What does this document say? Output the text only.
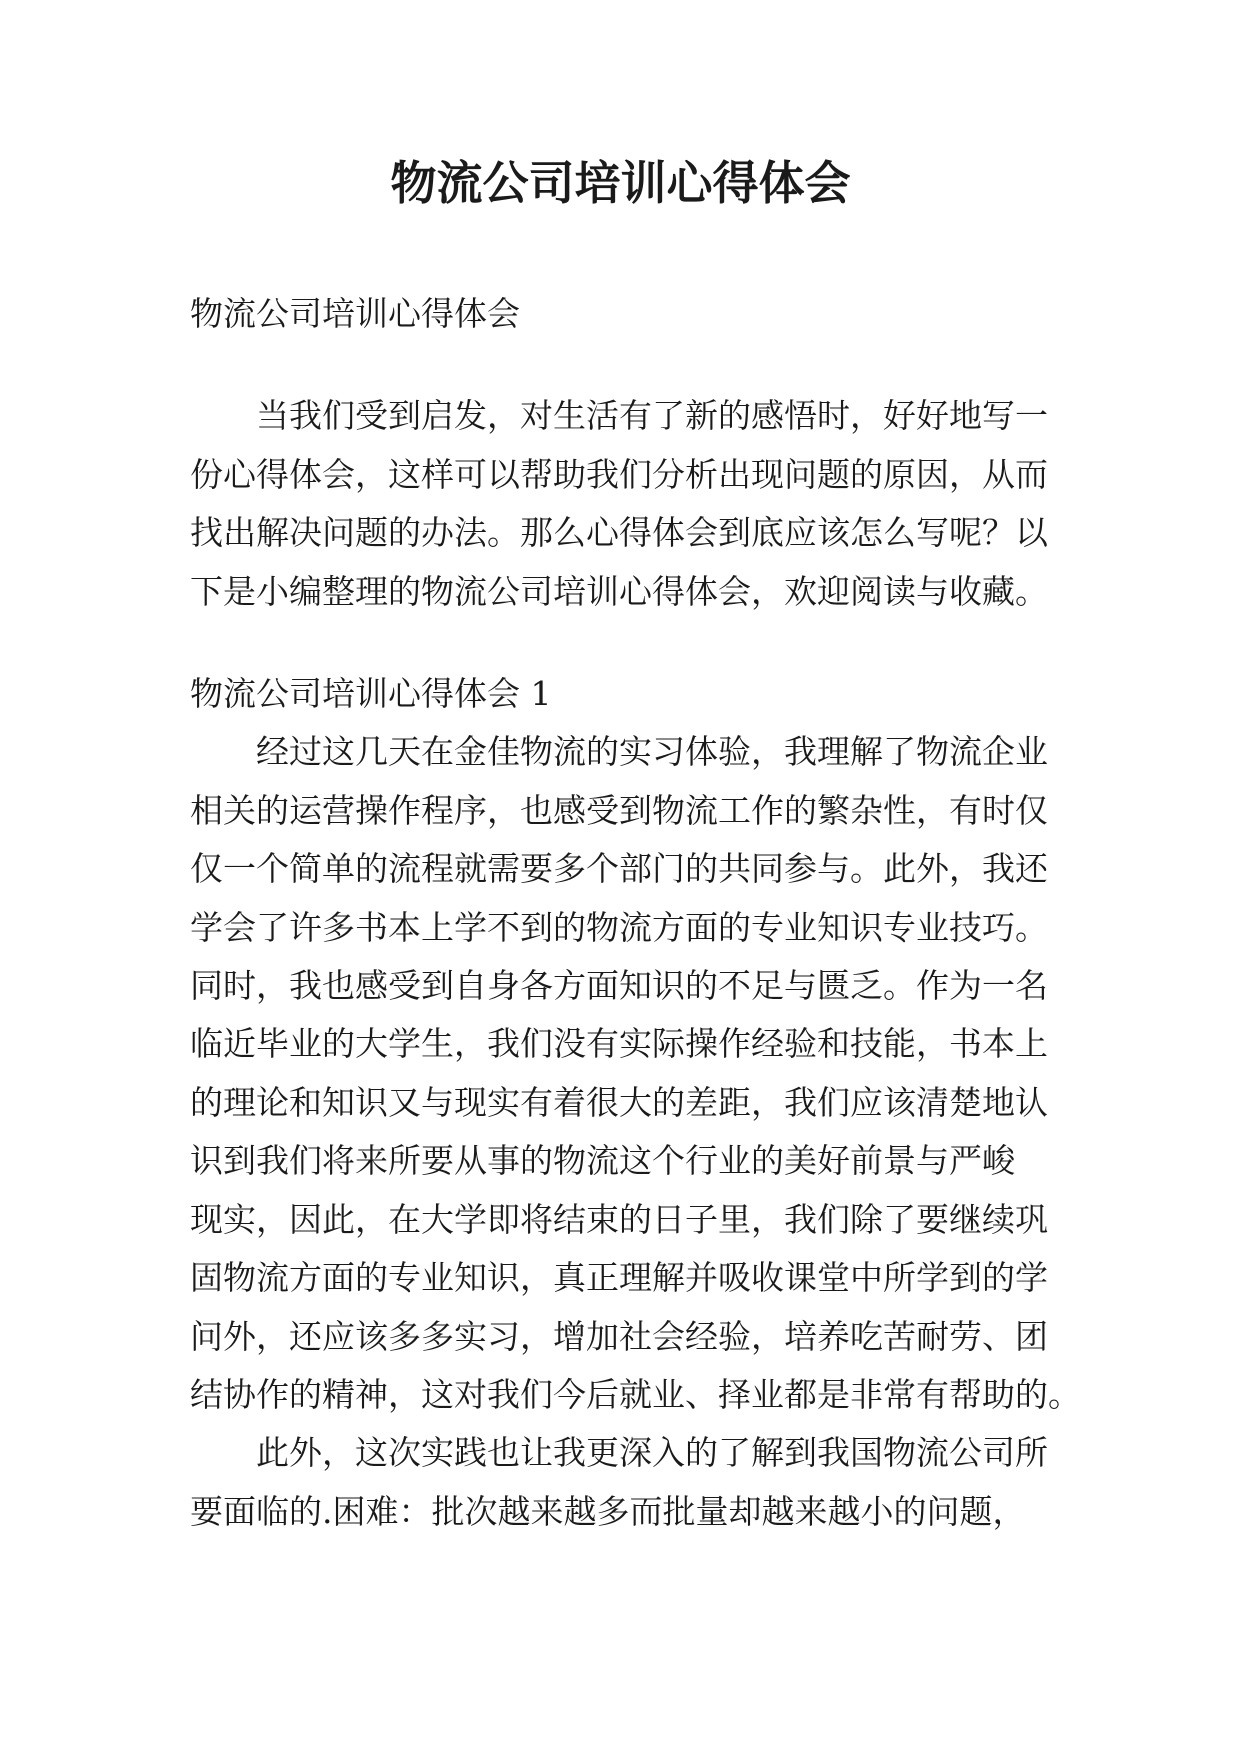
物流公司培训心得体会

物流公司培训心得体会

当我们受到启发，对生活有了新的感悟时，好好地写一

份心得体会，这样可以帮助我们分析出现问题的原因，从而

找出解决问题的办法。那么心得体会到底应该怎么写呢？以

下是小编整理的物流公司培训心得体会，欢迎阅读与收藏。

物流公司培训心得体会 1

经过这几天在金佳物流的实习体验，我理解了物流企业

相关的运营操作程序，也感受到物流工作的繁杂性，有时仅

仅一个简单的流程就需要多个部门的共同参与。此外，我还

学会了许多书本上学不到的物流方面的专业知识专业技巧。

同时，我也感受到自身各方面知识的不足与匮乏。作为一名

临近毕业的大学生，我们没有实际操作经验和技能，书本上

的理论和知识又与现实有着很大的差距，我们应该清楚地认

识到我们将来所要从事的物流这个行业的美好前景与严峻

现实，因此，在大学即将结束的日子里，我们除了要继续巩

固物流方面的专业知识，真正理解并吸收课堂中所学到的学

问外，还应该多多实习，增加社会经验，培养吃苦耐劳、团

结协作的精神，这对我们今后就业、择业都是非常有帮助的。

此外，这次实践也让我更深入的了解到我国物流公司所

要面临的.困难：批次越来越多而批量却越来越小的问题，
